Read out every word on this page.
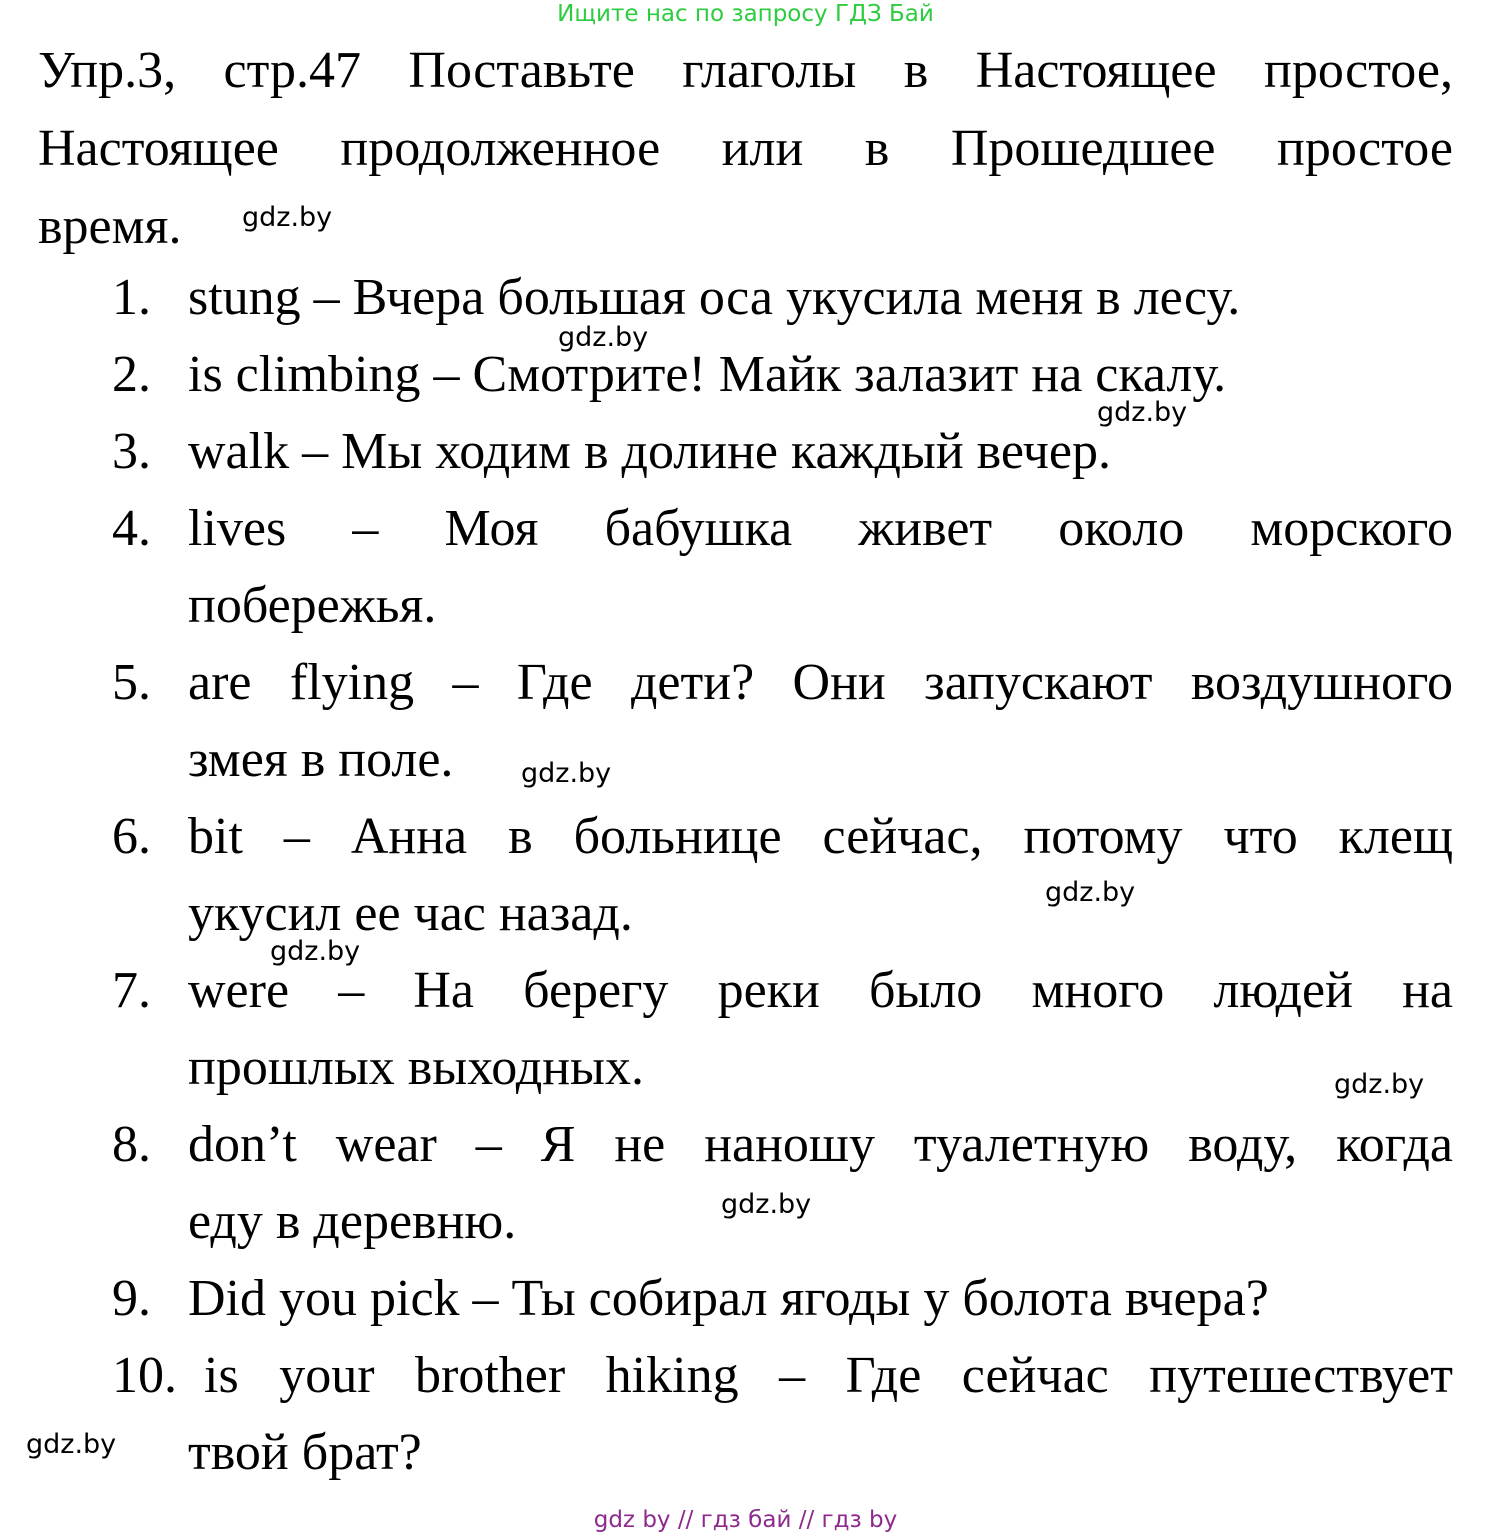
Ищите нас по запросу ГДЗ Бай
Упр.3, стр.47 Поставьте глаголы в Настоящее простое,
Настоящее продолженное или в Прошедшее простое
время.
1. stung – Вчера большая оса укусила меня в лесу.
2. is climbing – Смотрите! Майк залазит на скалу.
3. walk – Мы ходим в долине каждый вечер.
4. lives – Моя бабушка живет около морского
побережья.
5. are flying – Где дети? Они запускают воздушного
змея в поле.
6. bit – Анна в больнице сейчас, потому что клещ
укусил ее час назад.
7. were – На берегу реки было много людей на
прошлых выходных.
8. don’t wear – Я не наношу туалетную воду, когда
еду в деревню.
9. Did you pick – Ты собирал ягоды у болота вчера?
10. is your brother hiking – Где сейчас путешествует
твой брат?
gdz.by
gdz.by
gdz.by
gdz.by
gdz.by
gdz.by
gdz.by
gdz.by
gdz.by
gdz by // гдз бай // гдз by
